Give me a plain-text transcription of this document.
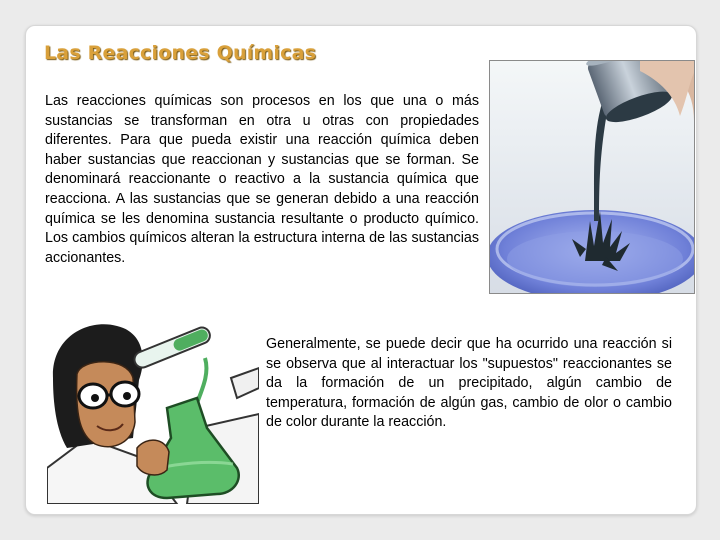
Las Reacciones Químicas

Las reacciones químicas son procesos en los que una o más sustancias se transforman en otra u otras con propiedades diferentes. Para que pueda existir una reacción química deben haber sustancias que reaccionan y sustancias que se forman. Se denominará reaccionante o reactivo a la sustancia química que reacciona. A las sustancias que se generan debido a una reacción química se les denomina sustancia resultante o producto químico. Los cambios químicos alteran la estructura interna de las sustancias accionantes.

Generalmente, se puede decir que ha ocurrido una reacción si se observa que al interactuar los "supuestos" reaccionantes se da la formación de un precipitado, algún cambio de temperatura, formación de algún gas, cambio de olor o cambio de color durante la reacción.
